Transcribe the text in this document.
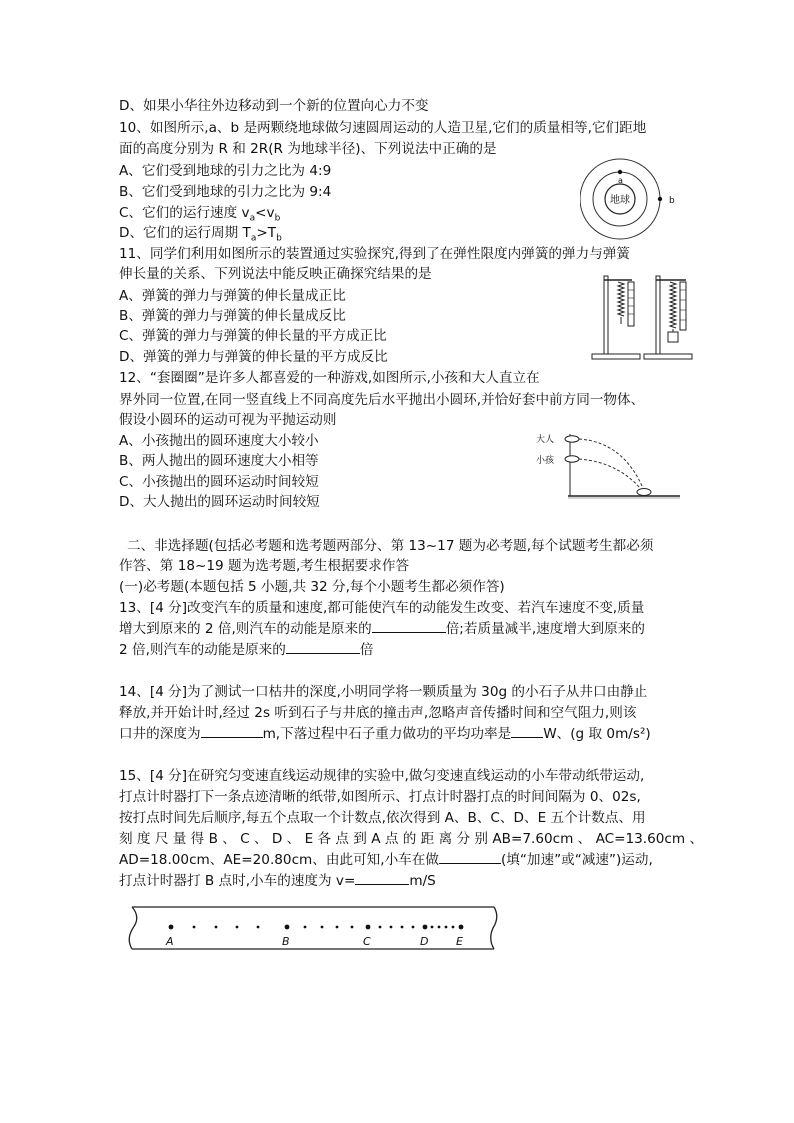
D、如果小华往外边移动到一个新的位置向心力不变
10、如图所示,a、b 是两颗绕地球做匀速圆周运动的人造卫星,它们的质量相等,它们距地
面的高度分别为 R 和 2R(R 为地球半径)、下列说法中正确的是
A、它们受到地球的引力之比为 4:9
B、它们受到地球的引力之比为 9:4
C、它们的运行速度 $v_a<v_b$
D、它们的运行周期 $T_a>T_b$
地球
a
b
11、同学们利用如图所示的装置通过实验探究,得到了在弹性限度内弹簧的弹力与弹簧
伸长量的关系、下列说法中能反映正确探究结果的是
A、弹簧的弹力与弹簧的伸长量成正比
B、弹簧的弹力与弹簧的伸长量成反比
C、弹簧的弹力与弹簧的伸长量的平方成正比
D、弹簧的弹力与弹簧的伸长量的平方成反比
12、“套圈圈”是许多人都喜爱的一种游戏,如图所示,小孩和大人直立在
界外同一位置,在同一竖直线上不同高度先后水平抛出小圆环,并恰好套中前方同一物体、
假设小圆环的运动可视为平抛运动则
A、小孩抛出的圆环速度大小较小
B、两人抛出的圆环速度大小相等
C、小孩抛出的圆环运动时间较短
D、大人抛出的圆环运动时间较短
大人
小孩
二、非选择题(包括必考题和选考题两部分、第 13~17 题为必考题,每个试题考生都必须
作答、第 18~19 题为选考题,考生根据要求作答
(一)必考题(本题包括 5 小题,共 32 分,每个小题考生都必须作答)
13、[4 分]改变汽车的质量和速度,都可能使汽车的动能发生改变、若汽车速度不变,质量
增大到原来的 2 倍,则汽车的动能是原来的	倍;若质量减半,速度增大到原来的
2 倍,则汽车的动能是原来的	倍
14、[4 分]为了测试一口枯井的深度,小明同学将一颗质量为 30g 的小石子从井口由静止
释放,并开始计时,经过 2s 听到石子与井底的撞击声,忽略声音传播时间和空气阻力,则该
口井的深度为	m,下落过程中石子重力做功的平均功率是 W、(g 取 0m/s²)
15、[4 分]在研究匀变速直线运动规律的实验中,做匀变速直线运动的小车带动纸带运动,
打点计时器打下一条点迹清晰的纸带,如图所示、打点计时器打点的时间间隔为 0、02s,
按打点时间先后顺序,每五个点取一个计数点,依次得到 A、B、C、D、E 五个计数点、用
刻 度 尺 量 得 B 、 C 、 D 、 E 各 点 到 A 点 的 距 离 分 别 AB=7.60cm 、 AC=13.60cm 、
AD=18.00cm、AE=20.80cm、由此可知,小车在做	(填“加速”或“减速”)运动,
打点计时器打 B 点时,小车的速度为 v=	m/S
A	B	C	D	E
